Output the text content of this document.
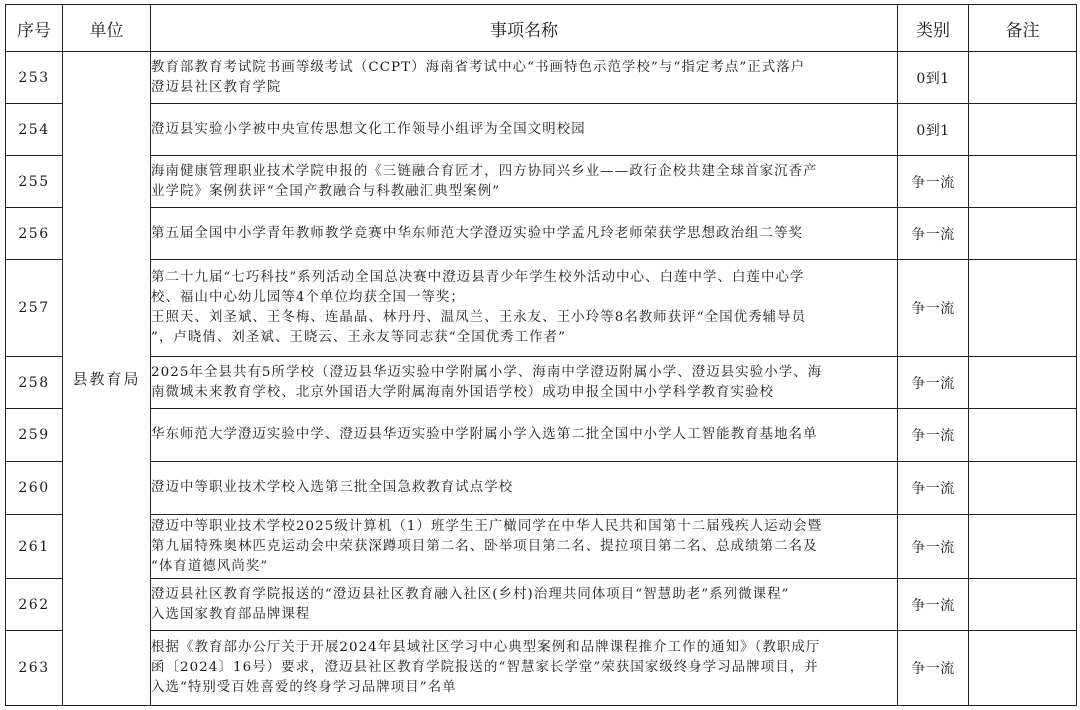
序号	单位	事项名称	类别	备注
253	县教育局	教育部教育考试院书画等级考试（CCPT）海南省考试中心“书画特色示范学校”与“指定考点”正式落户
澄迈县社区教育学院	0到1	
254		澄迈县实验小学被中央宣传思想文化工作领导小组评为全国文明校园	0到1	
255		海南健康管理职业技术学院申报的《三链融合育匠才，四方协同兴乡业——政行企校共建全球首家沉香产
业学院》案例获评“全国产教融合与科教融汇典型案例”	争一流	
256		第五届全国中小学青年教师教学竞赛中华东师范大学澄迈实验中学孟凡玲老师荣获学思想政治组二等奖	争一流	
257		第二十九届“七巧科技”系列活动全国总决赛中澄迈县青少年学生校外活动中心、白莲中学、白莲中心学
校、福山中心幼儿园等4个单位均获全国一等奖；
王照天、刘圣斌、王冬梅、连晶晶、林丹丹、温凤兰、王永友、王小玲等8名教师获评“全国优秀辅导员
”，卢晓倩、刘圣斌、王晓云、王永友等同志获“全国优秀工作者”	争一流	
258		2025年全县共有5所学校（澄迈县华迈实验中学附属小学、海南中学澄迈附属小学、澄迈县实验小学、海
南微城未来教育学校、北京外国语大学附属海南外国语学校）成功申报全国中小学科学教育实验校	争一流	
259		华东师范大学澄迈实验中学、澄迈县华迈实验中学附属小学入选第二批全国中小学人工智能教育基地名单	争一流	
260		澄迈中等职业技术学校入选第三批全国急救教育试点学校	争一流	
261		澄迈中等职业技术学校2025级计算机（1）班学生王广橄同学在中华人民共和国第十二届残疾人运动会暨
第九届特殊奥林匹克运动会中荣获深蹲项目第二名、卧举项目第二名、提拉项目第二名、总成绩第二名及
“体育道德风尚奖”	争一流	
262		澄迈县社区教育学院报送的“澄迈县社区教育融入社区(乡村)治理共同体项目“智慧助老”系列微课程”
入选国家教育部品牌课程	争一流	
263		根据《教育部办公厅关于开展2024年县域社区学习中心典型案例和品牌课程推介工作的通知》（教职成厅
函〔2024〕16号）要求，澄迈县社区教育学院报送的“智慧家长学堂”荣获国家级终身学习品牌项目，并
入选“特别受百姓喜爱的终身学习品牌项目”名单	争一流	
